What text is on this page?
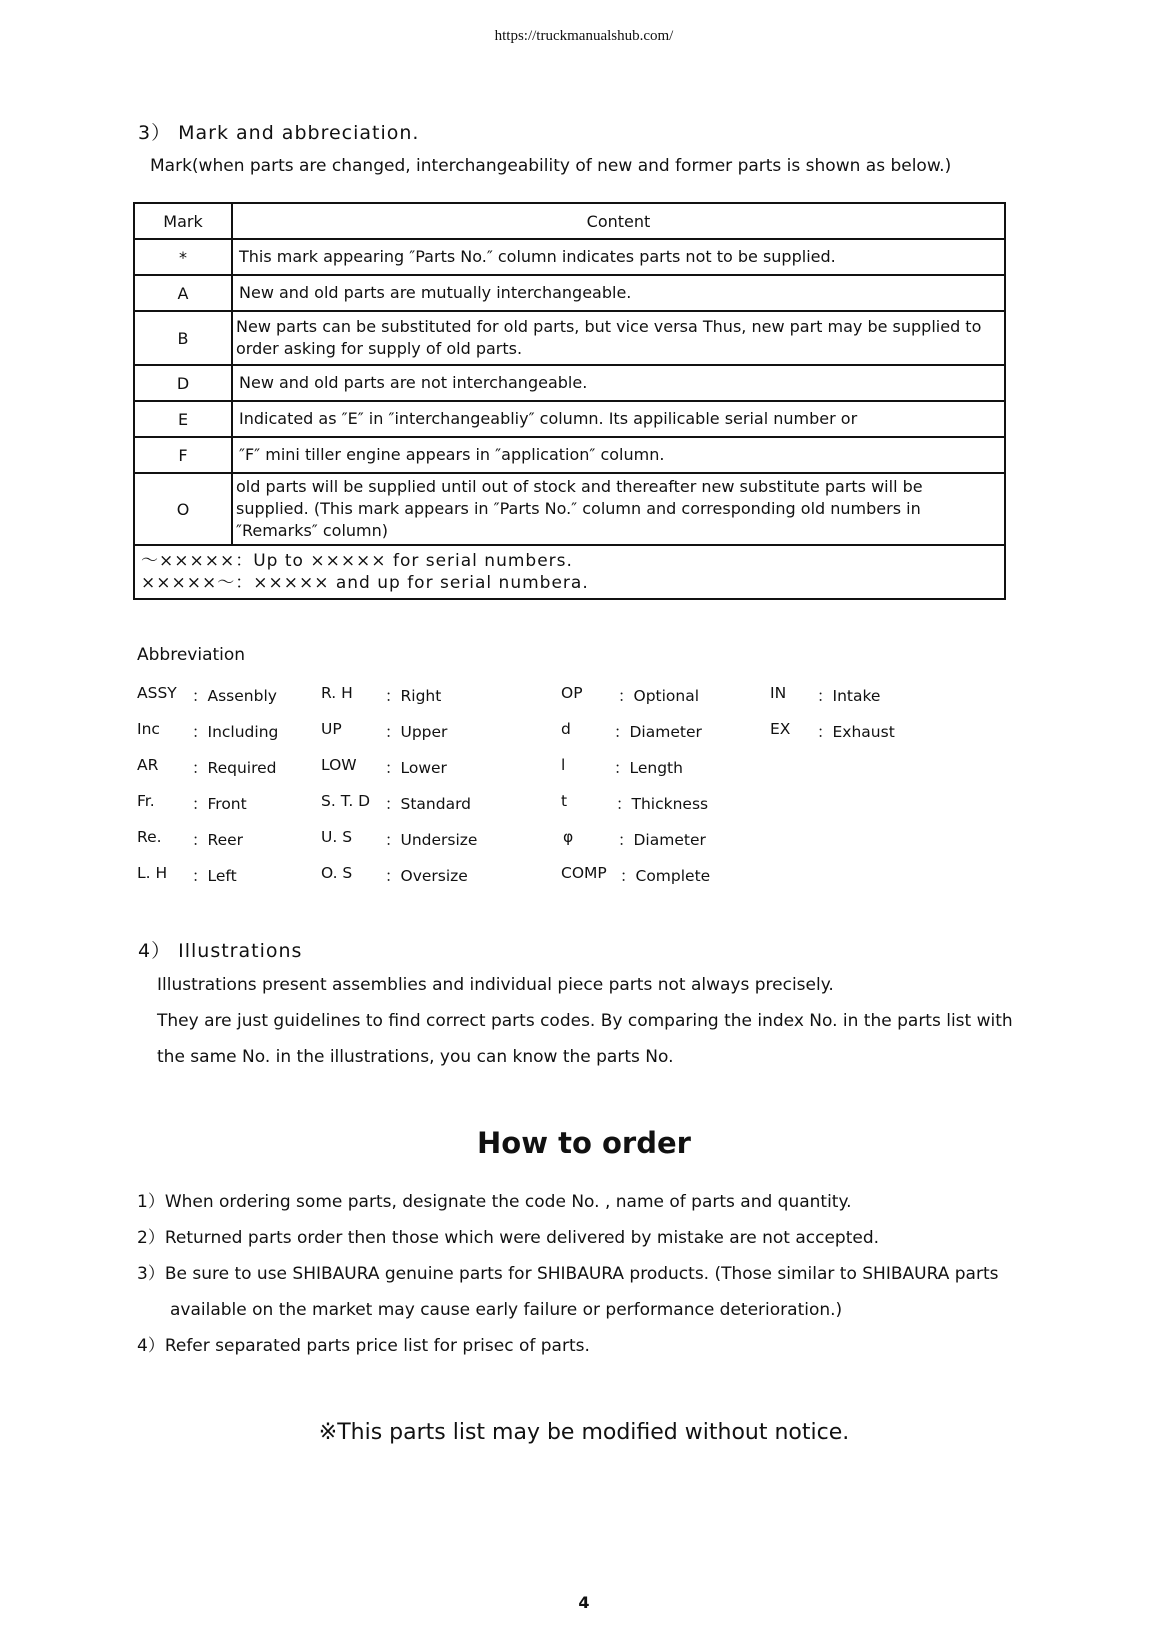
https://truckmanualshub.com/
3） Mark and abbreciation.
Mark(when parts are changed, interchangeability of new and former parts is shown as below.)
Mark	Content
*	This mark appearing ″Parts No.″ column indicates parts not to be supplied.
A	New and old parts are mutually interchangeable.
B	New parts can be substituted for old parts, but vice versa Thus, new part may be supplied to order asking for supply of old parts.
D	New and old parts are not interchangeable.
E	Indicated as ″E″ in ″interchangeabliy″ column. Its appilicable serial number or
F	″F″ mini tiller engine appears in ″application″ column.
O	old parts will be supplied until out of stock and thereafter new substitute parts will be supplied. (This mark appears in ″Parts No.″ column and corresponding old numbers in ″Remarks″ column)

～×××××：Up to ××××× for serial numbers.
×××××～：××××× and up for serial numbera.	
Abbreviation
ASSY ：Assenbly	R. H ：Right	OP ：Optional	IN ：Intake
Inc ：Including	UP	：Upper	d	：Diameter	EX ：Exhaust
AR ：Required	LOW ：Lower	l	：Length
Fr. ：Front	S. T. D ：Standard	t	：Thickness
Re. ：Reer	U. S ：Undersize	φ	：Diameter
L. H ：Left	O. S ：Oversize	COMP ：Complete
4） Illustrations
Illustrations present assemblies and individual piece parts not always precisely.
They are just guidelines to find correct parts codes. By comparing the index No. in the parts list with
the same No. in the illustrations, you can know the parts No.
How to order
1）When ordering some parts, designate the code No. , name of parts and quantity.
2）Returned parts order then those which were delivered by mistake are not accepted.
3）Be sure to use SHIBAURA genuine parts for SHIBAURA products. (Those similar to SHIBAURA parts
available on the market may cause early failure or performance deterioration.)
4）Refer separated parts price list for prisec of parts.
※This parts list may be modified without notice.
4
